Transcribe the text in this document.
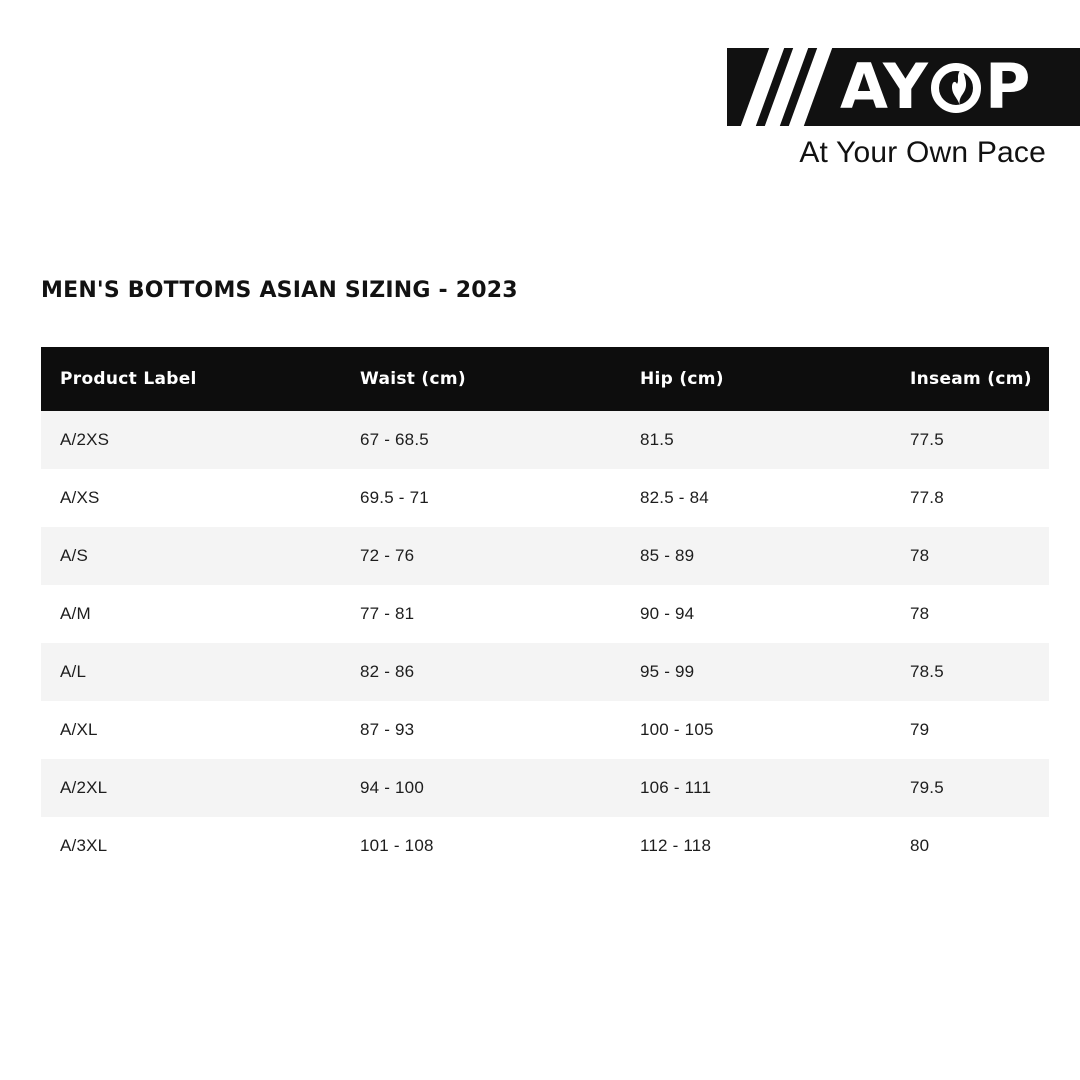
AY P
At Your Own Pace
MEN'S BOTTOMS ASIAN SIZING - 2023
Product Label	Waist (cm)	Hip (cm)	Inseam (cm)
A/2XS	67 - 68.5	81.5	77.5
A/XS	69.5 - 71	82.5 - 84	77.8
A/S	72 - 76	85 - 89	78
A/M	77 - 81	90 - 94	78
A/L	82 - 86	95 - 99	78.5
A/XL	87 - 93	100 - 105	79
A/2XL	94 - 100	106 - 111	79.5
A/3XL	101 - 108	112 - 118	80
